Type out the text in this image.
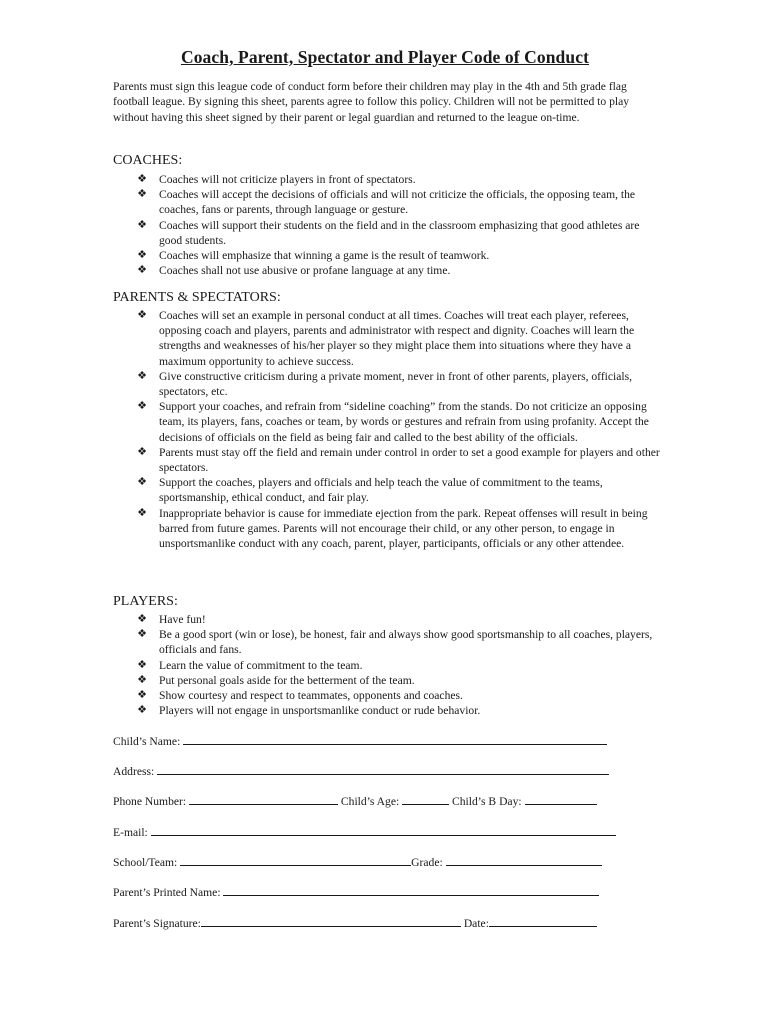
Coach, Parent, Spectator and Player Code of Conduct
Parents must sign this league code of conduct form before their children may play in the 4th and 5th grade flag football league. By signing this sheet, parents agree to follow this policy. Children will not be permitted to play without having this sheet signed by their parent or legal guardian and returned to the league on-time.
COACHES:
❖ Coaches will not criticize players in front of spectators.
❖ Coaches will accept the decisions of officials and will not criticize the officials, the opposing team, the coaches, fans or parents, through language or gesture.
❖ Coaches will support their students on the field and in the classroom emphasizing that good athletes are good students.
❖ Coaches will emphasize that winning a game is the result of teamwork.
❖ Coaches shall not use abusive or profane language at any time.
PARENTS & SPECTATORS:
❖ Coaches will set an example in personal conduct at all times. Coaches will treat each player, referees, opposing coach and players, parents and administrator with respect and dignity. Coaches will learn the strengths and weaknesses of his/her player so they might place them into situations where they have a maximum opportunity to achieve success.
❖ Give constructive criticism during a private moment, never in front of other parents, players, officials, spectators, etc.
❖ Support your coaches, and refrain from “sideline coaching” from the stands. Do not criticize an opposing team, its players, fans, coaches or team, by words or gestures and refrain from using profanity. Accept the decisions of officials on the field as being fair and called to the best ability of the officials.
❖ Parents must stay off the field and remain under control in order to set a good example for players and other spectators.
❖ Support the coaches, players and officials and help teach the value of commitment to the teams, sportsmanship, ethical conduct, and fair play.
❖ Inappropriate behavior is cause for immediate ejection from the park. Repeat offenses will result in being barred from future games. Parents will not encourage their child, or any other person, to engage in unsportsmanlike conduct with any coach, parent, player, participants, officials or any other attendee.
PLAYERS:
❖ Have fun!
❖ Be a good sport (win or lose), be honest, fair and always show good sportsmanship to all coaches, players, officials and fans.
❖ Learn the value of commitment to the team.
❖ Put personal goals aside for the betterment of the team.
❖ Show courtesy and respect to teammates, opponents and coaches.
❖ Players will not engage in unsportsmanlike conduct or rude behavior.
Child’s Name:
Address:
Phone Number:	Child’s Age:	Child’s B Day:
E-mail:
School/Team:	Grade:
Parent’s Printed Name:
Parent’s Signature:	Date:
